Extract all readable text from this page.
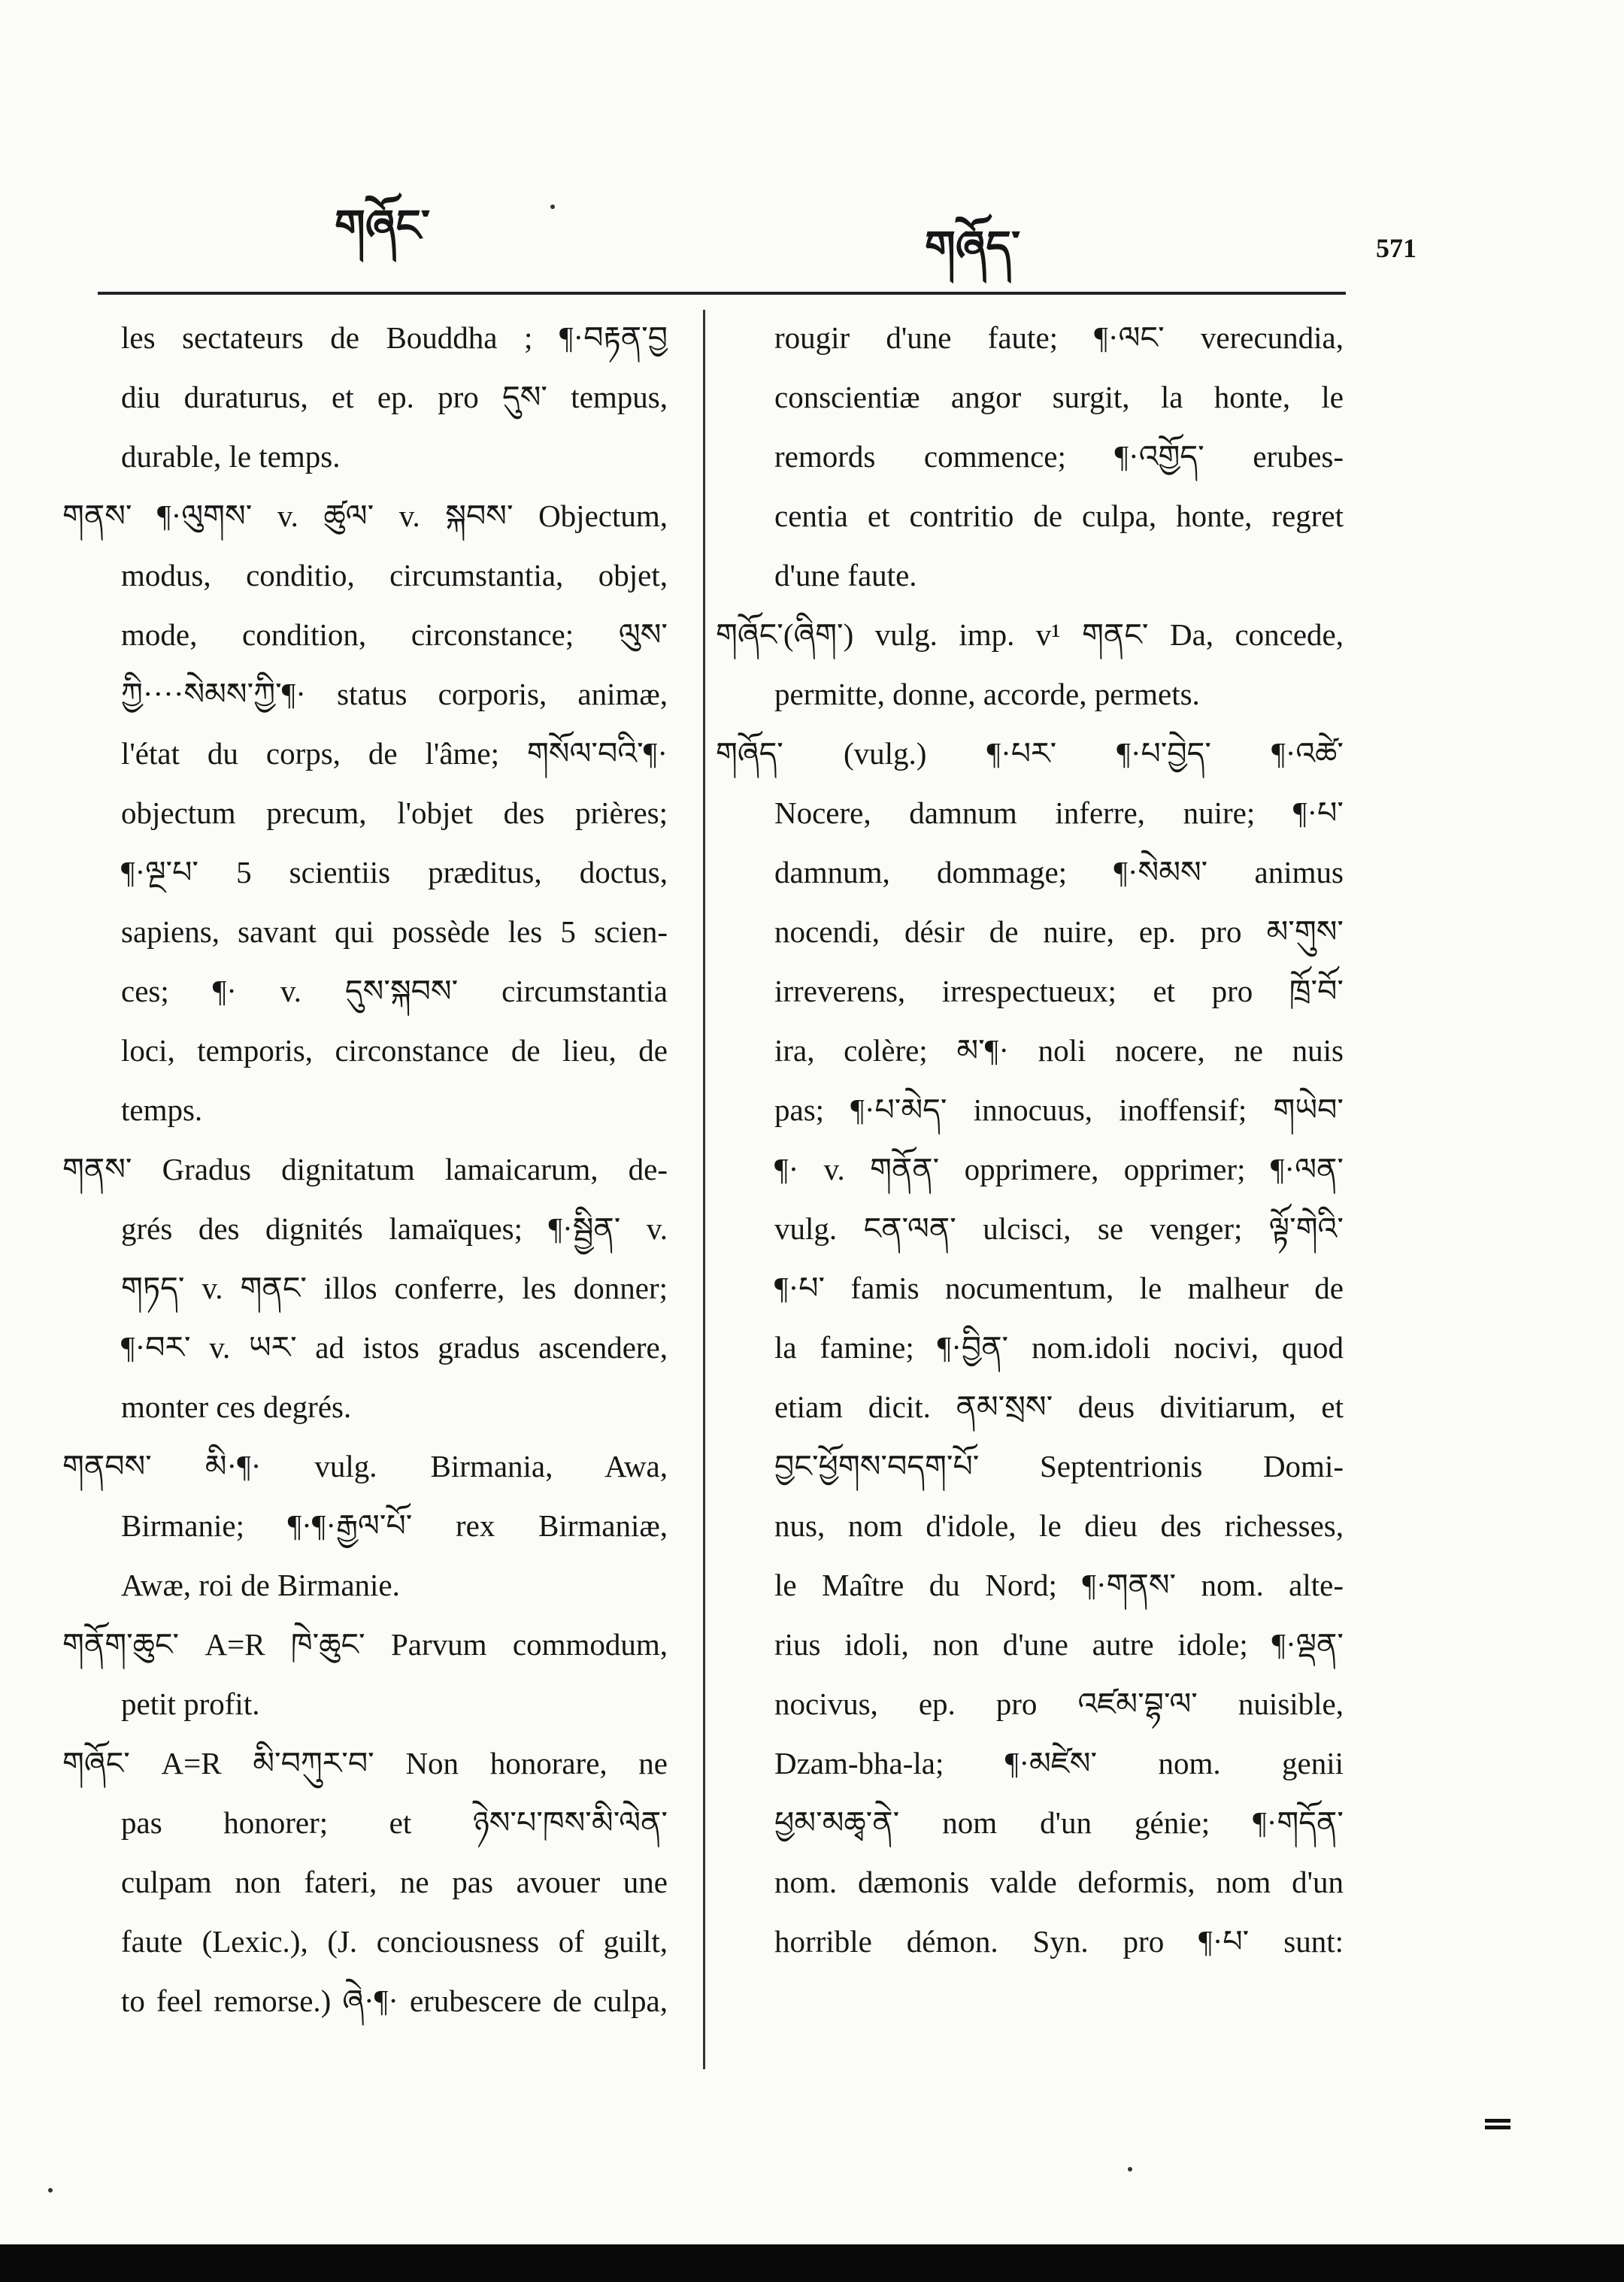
གཞོང་	གཞོད་	571
les sectateurs de Bouddha ; ¶·བརྟན་བྱ
diu duraturus, et ep. pro དུས་ tempus,
durable, le temps.
གནས་ ¶·ལུགས་ v. ཚུལ་ v. སྐབས་ Objectum,
modus, conditio, circumstantia, objet,
mode, condition, circonstance; ལུས་
ཀྱི····སེམས་ཀྱི་¶· status corporis, animæ,
l'état du corps, de l'âme; གསོལ་བའི་¶·
objectum precum, l'objet des prières;
¶·ལྔ་པ་ 5 scientiis præditus, doctus,
sapiens, savant qui possède les 5 scien-
ces; ¶· v. དུས་སྐབས་ circumstantia
loci, temporis, circonstance de lieu, de
temps.
གནས་ Gradus dignitatum lamaicarum, de-
grés des dignités lamaïques; ¶·སྦྱིན་ v.
གཏད་ v. གནང་ illos conferre, les donner;
¶·བར་ v. ཡར་ ad istos gradus ascendere,
monter ces degrés.
གནབས་ མི·¶· vulg. Birmania, Awa,
Birmanie; ¶·¶·རྒྱལ་པོ་ rex Birmaniæ,
Awæ, roi de Birmanie.
གནོག་ཆུང་ A=R ཁེ་ཆུང་ Parvum commodum,
petit profit.
གཞོང་ A=R མི་བཀུར་བ་ Non honorare, ne
pas honorer; et ཉེས་པ་ཁས་མི་ལེན་
culpam non fateri, ne pas avouer une
faute (Lexic.), (J. conciousness of guilt,
to feel remorse.) ཞེ·¶· erubescere de culpa,
rougir d'une faute; ¶·ལང་ verecundia,
conscientiæ angor surgit, la honte, le
remords commence; ¶·འགྱོད་ erubes-
centia et contritio de culpa, honte, regret
d'une faute.
གཞོང་(ཞིག་) vulg. imp. v¹ གནང་ Da, concede,
permitte, donne, accorde, permets.
གཞོད་ (vulg.) ¶·པར་ ¶·པ་བྱེད་ ¶·འཚེ་
Nocere, damnum inferre, nuire; ¶·པ་
damnum, dommage; ¶·སེམས་ animus
nocendi, désir de nuire, ep. pro མ་གུས་
irreverens, irrespectueux; et pro ཁྲོ་བོ་
ira, colère; མ་¶· noli nocere, ne nuis
pas; ¶·པ་མེད་ innocuus, inoffensif; གཡེབ་
¶· v. གནོན་ opprimere, opprimer; ¶·ལན་
vulg. ངན་ལན་ ulcisci, se venger; ལྟོ་གེའི་
¶·པ་ famis nocumentum, le malheur de
la famine; ¶·བྱིན་ nom.idoli nocivi, quod
etiam dicit. ནམ་སྲས་ deus divitiarum, et
བྱང་ཕྱོགས་བདག་པོ་ Septentrionis Domi-
nus, nom d'idole, le dieu des richesses,
le Maître du Nord; ¶·གནས་ nom. alte-
rius idoli, non d'une autre idole; ¶·ལྡན་
nocivus, ep. pro འཛམ་བྷ་ལ་ nuisible,
Dzam-bha-la; ¶·མཛེས་ nom. genii
ཕྱམ་མཆྭ་ནེ་ nom d'un génie; ¶·གདོན་
nom. dæmonis valde deformis, nom d'un
horrible démon. Syn. pro ¶·པ་ sunt:
